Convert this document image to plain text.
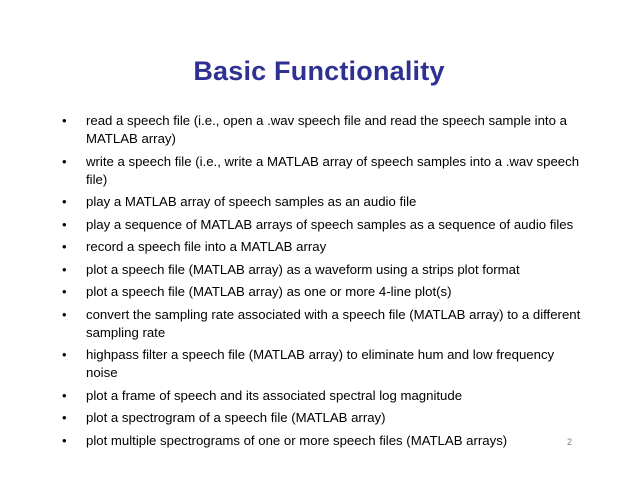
Basic Functionality
• read a speech file (i.e., open a .wav speech file and read the speech sample into a MATLAB array)
• write a speech file (i.e., write a MATLAB array of speech samples into a .wav speech file)
• play a MATLAB array of speech samples as an audio file
• play a sequence of MATLAB arrays of speech samples as a sequence of audio files
• record a speech file into a MATLAB array
• plot a speech file (MATLAB array) as a waveform using a strips plot format
• plot a speech file (MATLAB array) as one or more 4-line plot(s)
• convert the sampling rate associated with a speech file (MATLAB array) to a different sampling rate
• highpass filter a speech file (MATLAB array) to eliminate hum and low frequency noise
• plot a frame of speech and its associated spectral log magnitude
• plot a spectrogram of a speech file (MATLAB array)
• plot multiple spectrograms of one or more speech files (MATLAB arrays)	2
